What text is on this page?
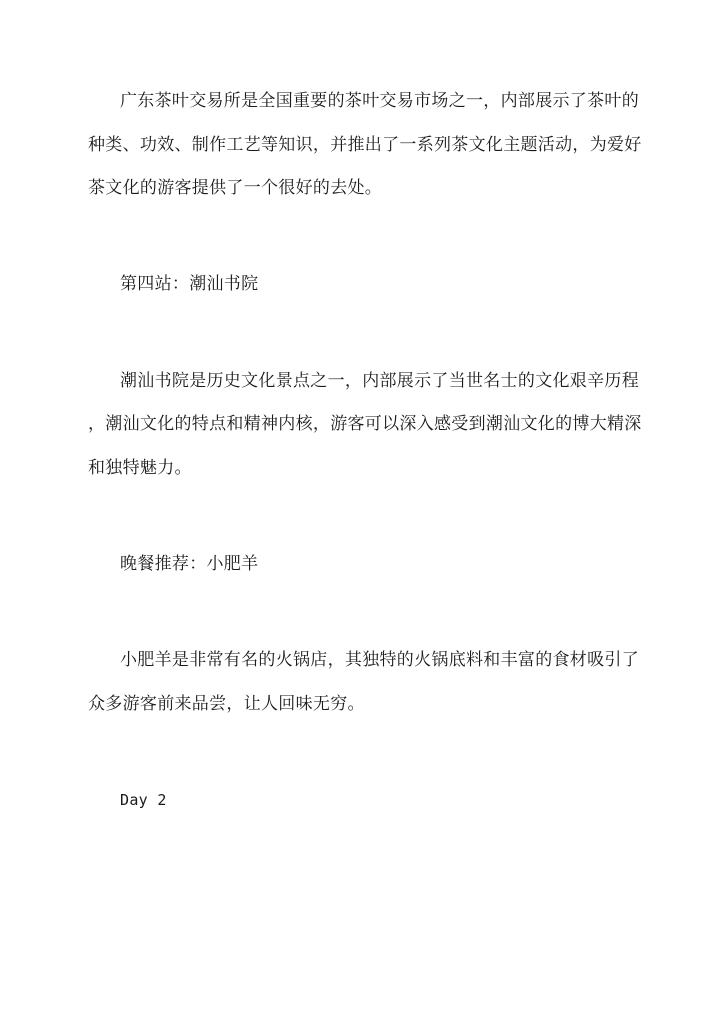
广东茶叶交易所是全国重要的茶叶交易市场之一，内部展示了茶叶的
种类、功效、制作工艺等知识，并推出了一系列茶文化主题活动，为爱好
茶文化的游客提供了一个很好的去处。
第四站：潮汕书院
潮汕书院是历史文化景点之一，内部展示了当世名士的文化艰辛历程
，潮汕文化的特点和精神内核，游客可以深入感受到潮汕文化的博大精深
和独特魅力。
晚餐推荐：小肥羊
小肥羊是非常有名的火锅店，其独特的火锅底料和丰富的食材吸引了
众多游客前来品尝，让人回味无穷。
Day 2
